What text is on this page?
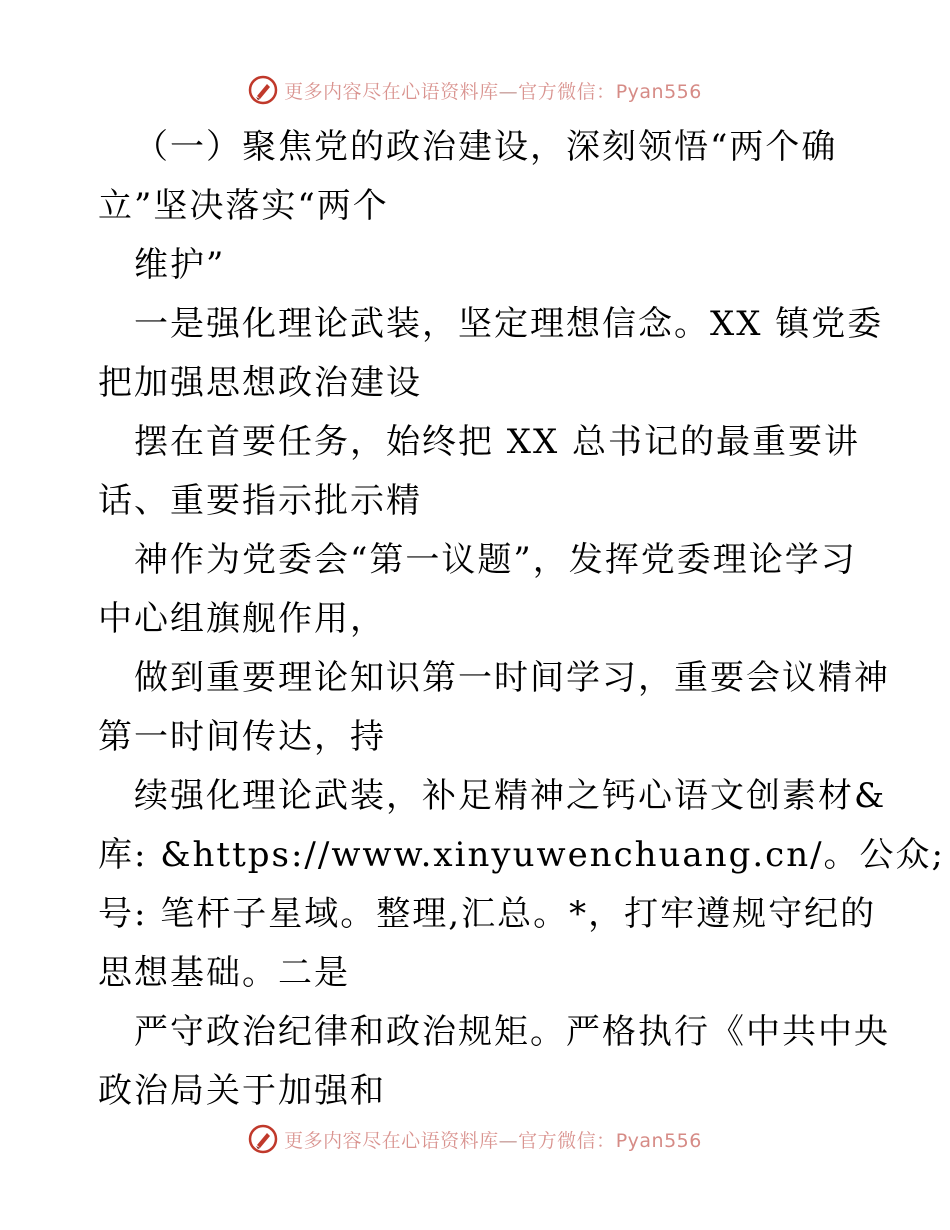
更多内容尽在心语资料库—官方微信：Pyan556
（一）聚焦党的政治建设，深刻领悟“两个确
立”坚决落实“两个
维护”
一是强化理论武装，坚定理想信念。XX 镇党委
把加强思想政治建设
摆在首要任务，始终把 XX 总书记的最重要讲
话、重要指示批示精
神作为党委会“第一议题”，发挥党委理论学习
中心组旗舰作用，
做到重要理论知识第一时间学习，重要会议精神
第一时间传达，持
续强化理论武装，补足精神之钙心语文创素材&
库: &https://www.xinyuwenchuang.cn/。公众;
号: 笔杆子星域。整理,汇总。*，打牢遵规守纪的
思想基础。二是
严守政治纪律和政治规矩。严格执行《中共中央
政治局关于加强和
更多内容尽在心语资料库—官方微信：Pyan556
